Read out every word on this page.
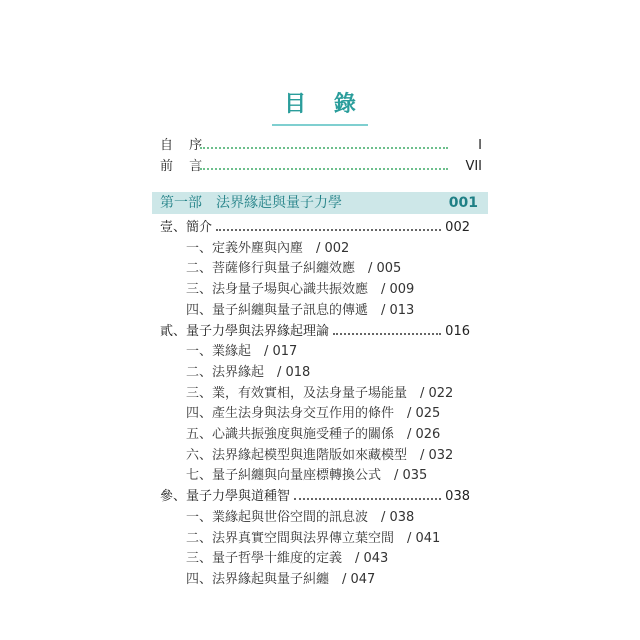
目 錄
自 序	I
前 言	VII
第一部　法界緣起與量子力學	001
壹、簡介	002
一、定義外塵與內塵　/ 002
二、菩薩修行與量子糾纏效應　/ 005
三、法身量子場與心識共振效應　/ 009
四、量子糾纏與量子訊息的傳遞　/ 013
貳、量子力學與法界緣起理論	016
一、業緣起　/ 017
二、法界緣起　/ 018
三、業，有效實相，及法身量子場能量　/ 022
四、產生法身與法身交互作用的條件　/ 025
五、心識共振強度與施受種子的關係　/ 026
六、法界緣起模型與進階版如來藏模型　/ 032
七、量子糾纏與向量座標轉換公式　/ 035
參、量子力學與道種智	038
一、業緣起與世俗空間的訊息波　/ 038
二、法界真實空間與法界傳立葉空間　/ 041
三、量子哲學十維度的定義　/ 043
四、法界緣起與量子糾纏　/ 047
